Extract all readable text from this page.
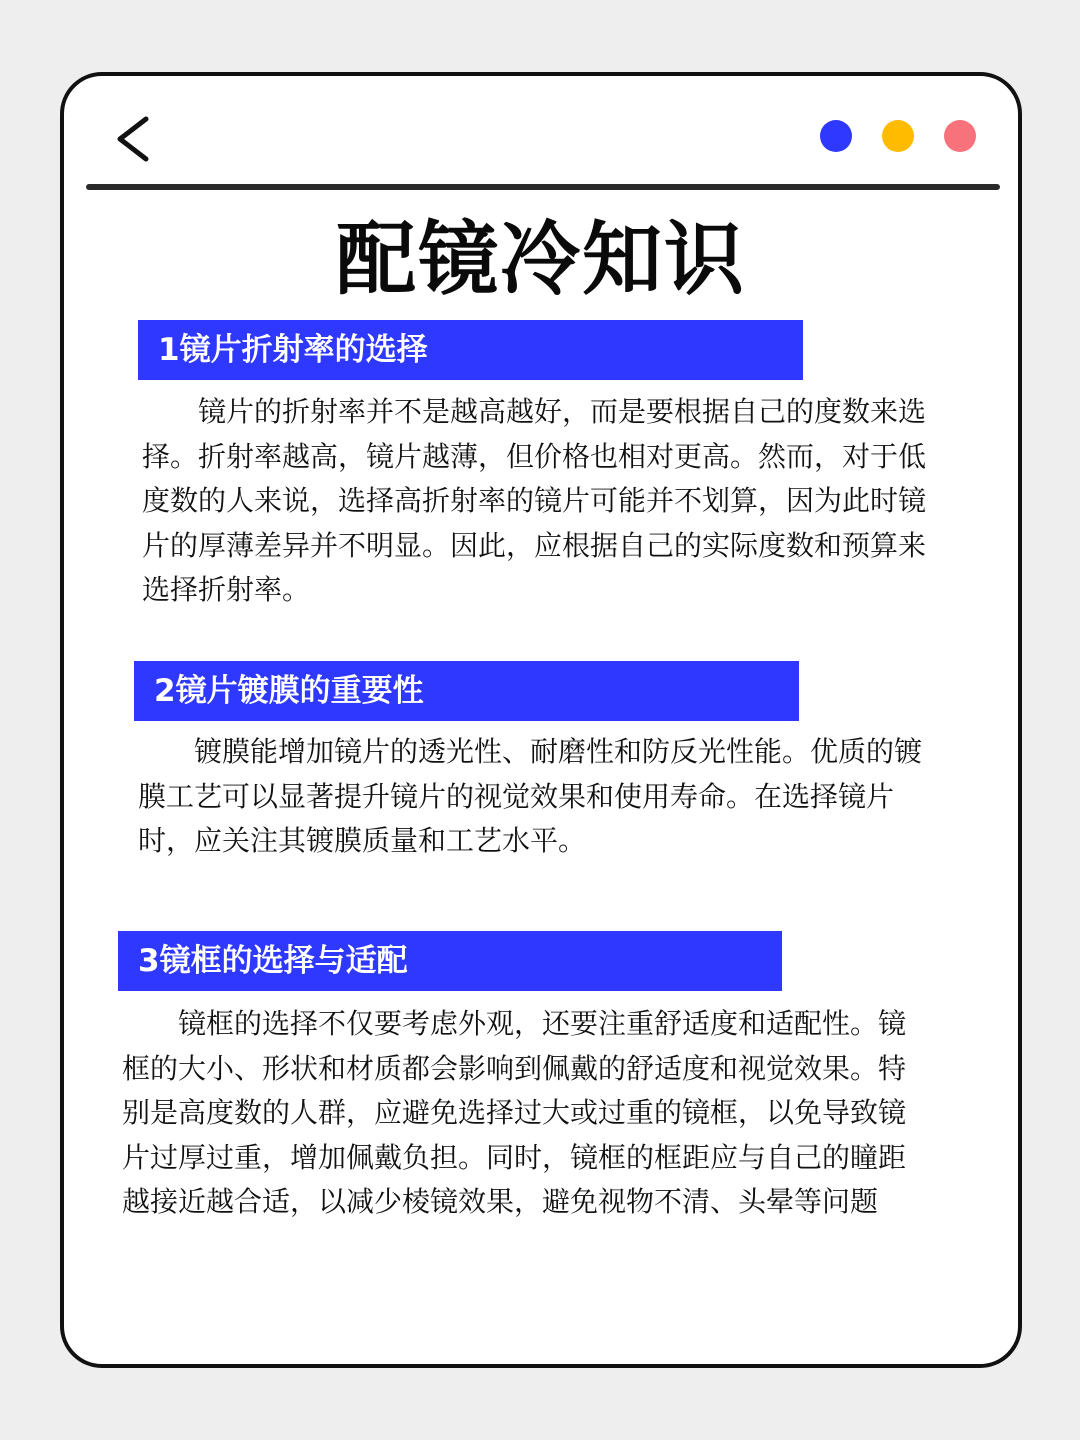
配镜冷知识
1镜片折射率的选择

镜片的折射率并不是越高越好，而是要根据自己的度数来选择。折射率越高，镜片越薄，但价格也相对更高。然而，对于低度数的人来说，选择高折射率的镜片可能并不划算，因为此时镜片的厚薄差异并不明显。因此，应根据自己的实际度数和预算来选择折射率。

2镜片镀膜的重要性

镀膜能增加镜片的透光性、耐磨性和防反光性能。优质的镀膜工艺可以显著提升镜片的视觉效果和使用寿命。在选择镜片时，应关注其镀膜质量和工艺水平。

3镜框的选择与适配

镜框的选择不仅要考虑外观，还要注重舒适度和适配性。镜框的大小、形状和材质都会影响到佩戴的舒适度和视觉效果。特别是高度数的人群，应避免选择过大或过重的镜框，以免导致镜片过厚过重，增加佩戴负担。同时，镜框的框距应与自己的瞳距越接近越合适，以减少棱镜效果，避免视物不清、头晕等问题
